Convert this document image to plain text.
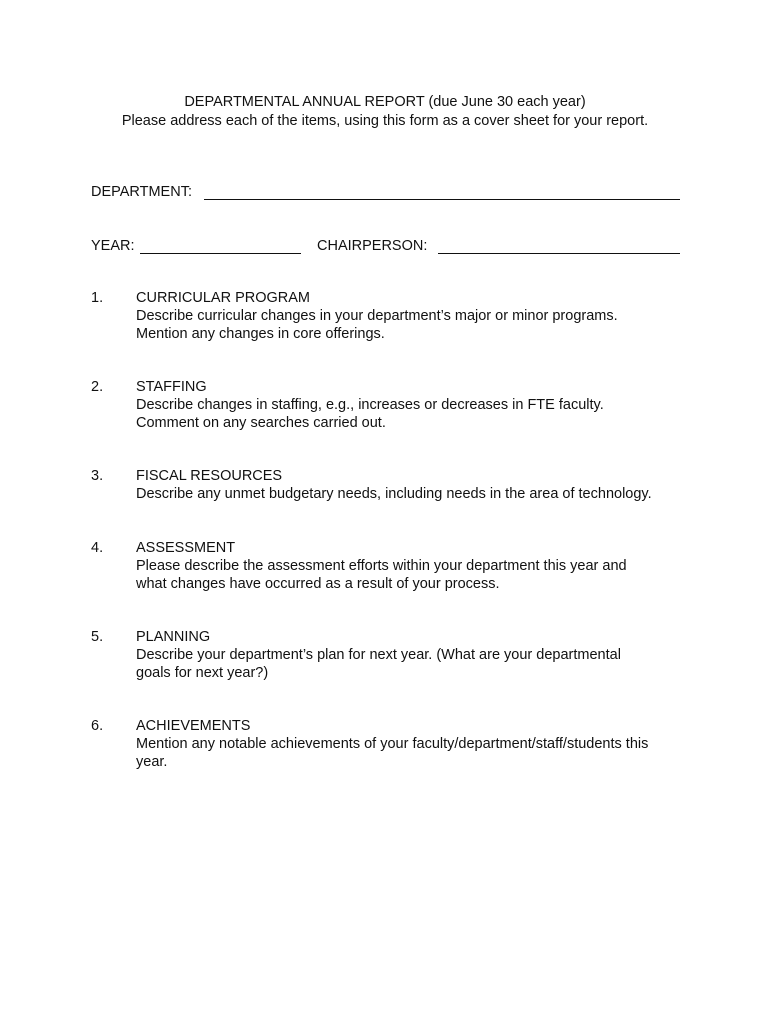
DEPARTMENTAL ANNUAL REPORT (due June 30 each year)
Please address each of the items, using this form as a cover sheet for your report.
DEPARTMENT:
YEAR:	CHAIRPERSON:
1. CURRICULAR PROGRAM
Describe curricular changes in your department’s major or minor programs.
Mention any changes in core offerings.
2. STAFFING
Describe changes in staffing, e.g., increases or decreases in FTE faculty.
Comment on any searches carried out.
3. FISCAL RESOURCES
Describe any unmet budgetary needs, including needs in the area of technology.
4. ASSESSMENT
Please describe the assessment efforts within your department this year and
what changes have occurred as a result of your process.
5. PLANNING
Describe your department’s plan for next year. (What are your departmental
goals for next year?)
6. ACHIEVEMENTS
Mention any notable achievements of your faculty/department/staff/students this
year.
